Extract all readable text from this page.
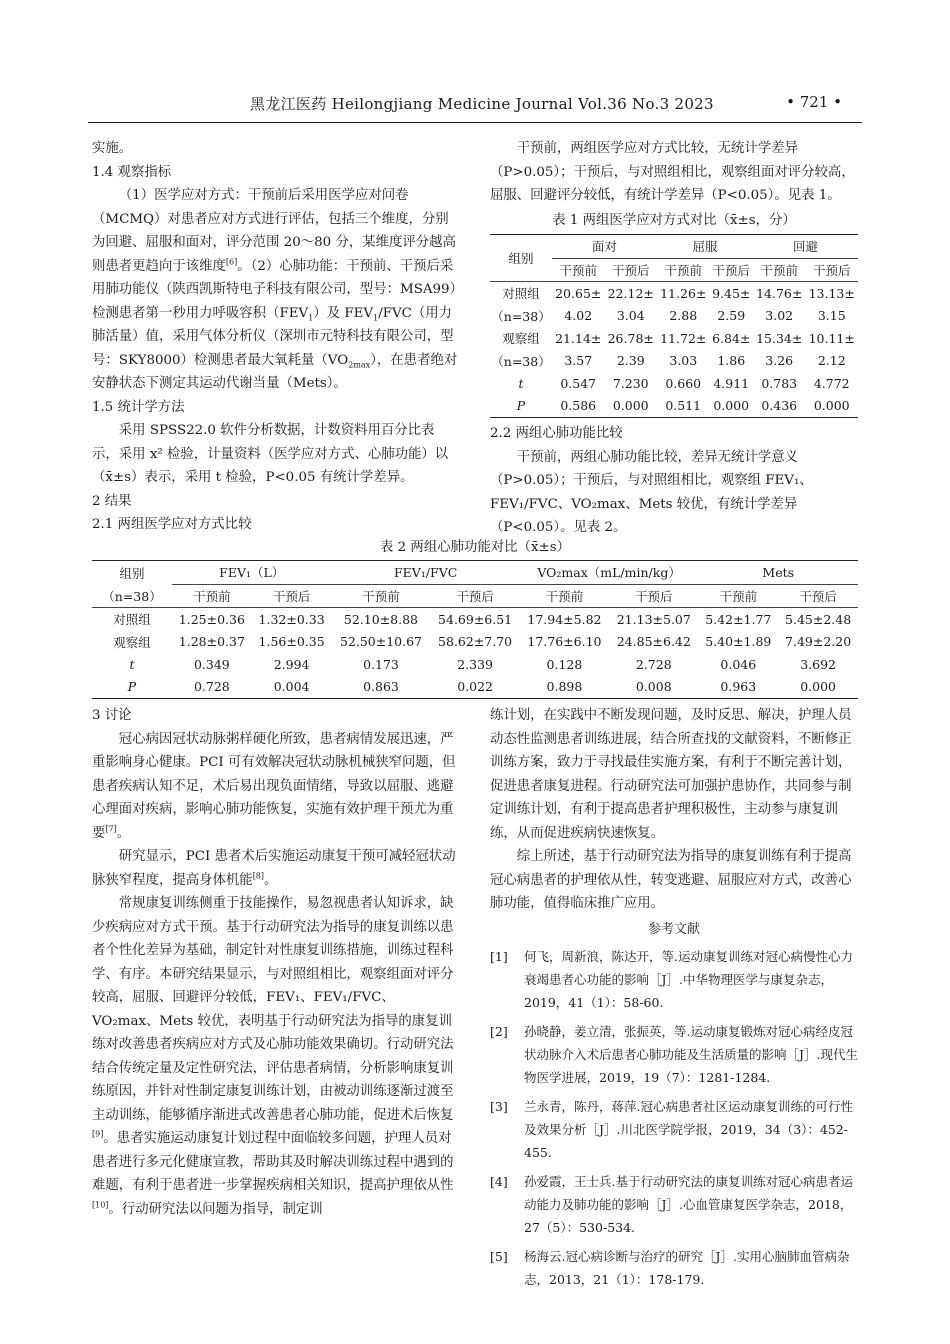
黑龙江医药 Heilongjiang Medicine Journal Vol.36 No.3 2023	• 721 •

实施。

1.4 观察指标

（1）医学应对方式：干预前后采用医学应对问卷（MCMQ）对患者应对方式进行评估，包括三个维度，分别为回避、屈服和面对，评分范围 20～80 分，某维度评分越高则患者更趋向于该维度[6]。（2）心肺功能：干预前、干预后采用肺功能仪（陕西凯斯特电子科技有限公司，型号：MSA99）检测患者第一秒用力呼吸容积$(FEV_1)$及 $FEV_1/FVC$（用力肺活量）值，采用气体分析仪（深圳市元特科技有限公司，型号：SKY8000）检测患者最大氧耗量$(VO_{2max})$，在患者绝对安静状态下测定其运动代谢当量（Mets）。

1.5 统计学方法

采用 SPSS22.0 软件分析数据，计数资料用百分比表示，采用 x² 检验，计量资料（医学应对方式、心肺功能）以（x̄±s）表示，采用 t 检验，P<0.05 有统计学差异。

2 结果

2.1 两组医学应对方式比较

干预前，两组医学应对方式比较，无统计学差异（P>0.05）；干预后，与对照组相比，观察组面对评分较高，屈服、回避评分较低，有统计学差异（P<0.05）。见表 1。

表 1 两组医学应对方式对比（x̄±s，分）
组别	面对		屈服		回避	
	干预前	干预后	干预前	干预后	干预前	干预后
对照组	20.65±	22.12±	11.26±	9.45±	14.76±	13.13±
（n=38）	4.02	3.04	2.88	2.59	3.02	3.15
观察组	21.14±	26.78±	11.72±	6.84±	15.34±	10.11±
（n=38）	3.57	2.39	3.03	1.86	3.26	2.12
t	0.547	7.230	0.660	4.911	0.783	4.772
P	0.586	0.000	0.511	0.000	0.436	0.000

2.2 两组心肺功能比较

干预前，两组心肺功能比较，差异无统计学意义（P>0.05）；干预后，与对照组相比，观察组 FEV₁、FEV₁/FVC、VO₂max、Mets 较优，有统计学差异（P<0.05）。见表 2。

表 2 两组心肺功能对比（x̄±s）
组别	FEV₁（L）		FEV₁/FVC		VO₂max（mL/min/kg）		Mets	
（n=38）	干预前	干预后	干预前	干预后	干预前	干预后	干预前	干预后
对照组	1.25±0.36	1.32±0.33	52.10±8.88	54.69±6.51	17.94±5.82	21.13±5.07	5.42±1.77	5.45±2.48
观察组	1.28±0.37	1.56±0.35	52.50±10.67	58.62±7.70	17.76±6.10	24.85±6.42	5.40±1.89	7.49±2.20
t	0.349	2.994	0.173	2.339	0.128	2.728	0.046	3.692
P	0.728	0.004	0.863	0.022	0.898	0.008	0.963	0.000

3 讨论

冠心病因冠状动脉粥样硬化所致，患者病情发展迅速，严重影响身心健康。PCI 可有效解决冠状动脉机械狭窄问题，但患者疾病认知不足，术后易出现负面情绪，导致以屈服、逃避心理面对疾病，影响心肺功能恢复，实施有效护理干预尤为重要[7]。

研究显示，PCI 患者术后实施运动康复干预可减轻冠状动脉狭窄程度，提高身体机能[8]。

常规康复训练侧重于技能操作，易忽视患者认知诉求，缺少疾病应对方式干预。基于行动研究法为指导的康复训练以患者个性化差异为基础，制定针对性康复训练措施，训练过程科学、有序。本研究结果显示，与对照组相比，观察组面对评分较高，屈服、回避评分较低，FEV₁、FEV₁/FVC、VO₂max、Mets 较优，表明基于行动研究法为指导的康复训练对改善患者疾病应对方式及心肺功能效果确切。行动研究法结合传统定量及定性研究法，评估患者病情，分析影响康复训练原因，并针对性制定康复训练计划，由被动训练逐渐过渡至主动训练，能够循序渐进式改善患者心肺功能，促进术后恢复[9]。患者实施运动康复计划过程中面临较多问题，护理人员对患者进行多元化健康宣教，帮助其及时解决训练过程中遇到的难题，有利于患者进一步掌握疾病相关知识，提高护理依从性[10]。行动研究法以问题为指导，制定训

练计划，在实践中不断发现问题，及时反思、解决，护理人员动态性监测患者训练进展，结合所查找的文献资料，不断修正训练方案，致力于寻找最佳实施方案，有利于不断完善计划，促进患者康复进程。行动研究法可加强护患协作，共同参与制定训练计划，有利于提高患者护理积极性，主动参与康复训练，从而促进疾病快速恢复。

综上所述，基于行动研究法为指导的康复训练有利于提高冠心病患者的护理依从性，转变逃避、屈服应对方式，改善心肺功能，值得临床推广应用。

参考文献

[1] 何飞，周新浪，陈达开，等.运动康复训练对冠心病慢性心力衰竭患者心功能的影响［J］.中华物理医学与康复杂志，2019，41（1）：58-60.
[2] 孙晓静，姜立清，张振英，等.运动康复锻炼对冠心病经皮冠状动脉介入术后患者心肺功能及生活质量的影响［J］.现代生物医学进展，2019，19（7）：1281-1284.
[3] 兰永青，陈丹，蒋萍.冠心病患者社区运动康复训练的可行性及效果分析［J］.川北医学院学报，2019，34（3）：452-455.
[4] 孙爱霞，王士兵.基于行动研究法的康复训练对冠心病患者运动能力及肺功能的影响［J］.心血管康复医学杂志，2018，27（5）：530-534.
[5] 杨海云.冠心病诊断与治疗的研究［J］.实用心脑肺血管病杂志，2013，21（1）：178-179.
